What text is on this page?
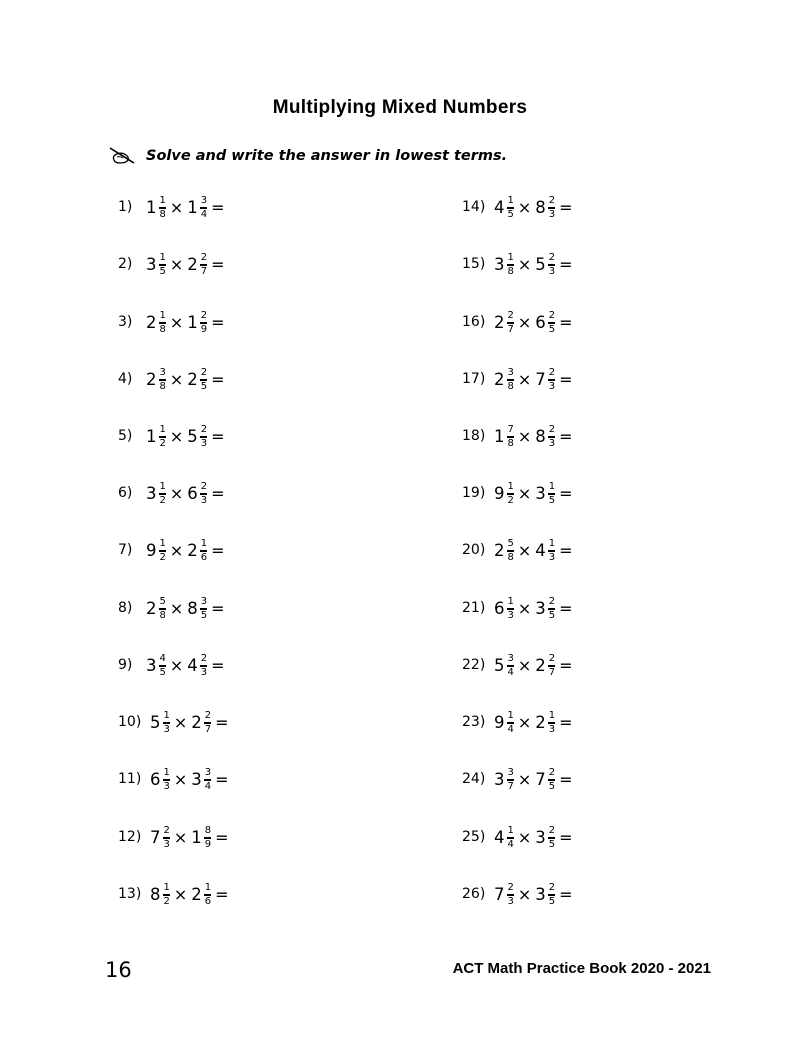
Multiplying Mixed Numbers
Solve and write the answer in lowest terms.
1) $1 \frac{1}{8} \times 1 \frac{3}{4}$ =
2) $3 \frac{1}{5} \times 2 \frac{2}{7}$ =
3) $2 \frac{1}{8} \times 1 \frac{2}{9}$ =
4) $2 \frac{3}{8} \times 2 \frac{2}{5}$ =
5) $1 \frac{1}{2} \times 5 \frac{2}{3}$ =
6) $3 \frac{1}{2} \times 6 \frac{2}{3}$ =
7) $9 \frac{1}{2} \times 2 \frac{1}{6}$ =
8) $2 \frac{5}{8} \times 8 \frac{3}{5}$ =
9) $3 \frac{4}{5} \times 4 \frac{2}{3}$ =
10) $5 \frac{1}{3} \times 2 \frac{2}{7}$ =
11) $6 \frac{1}{3} \times 3 \frac{3}{4}$ =
12) $7 \frac{2}{3} \times 1 \frac{8}{9}$ =
13) $8 \frac{1}{2} \times 2 \frac{1}{6}$ =
14) $4 \frac{1}{5} \times 8 \frac{2}{3}$ =
15) $3 \frac{1}{8} \times 5 \frac{2}{3}$ =
16) $2 \frac{2}{7} \times 6 \frac{2}{5}$ =
17) $2 \frac{3}{8} \times 7 \frac{2}{3}$ =
18) $1 \frac{7}{8} \times 8 \frac{2}{3}$ =
19) $9 \frac{1}{2} \times 3 \frac{1}{5}$ =
20) $2 \frac{5}{8} \times 4 \frac{1}{3}$ =
21) $6 \frac{1}{3} \times 3 \frac{2}{5}$ =
22) $5 \frac{3}{4} \times 2 \frac{2}{7}$ =
23) $9 \frac{1}{4} \times 2 \frac{1}{3}$ =
24) $3 \frac{3}{7} \times 7 \frac{2}{5}$ =
25) $4 \frac{1}{4} \times 3 \frac{2}{5}$ =
26) $7 \frac{2}{3} \times 3 \frac{2}{5}$ =
16	ACT Math Practice Book 2020 - 2021
